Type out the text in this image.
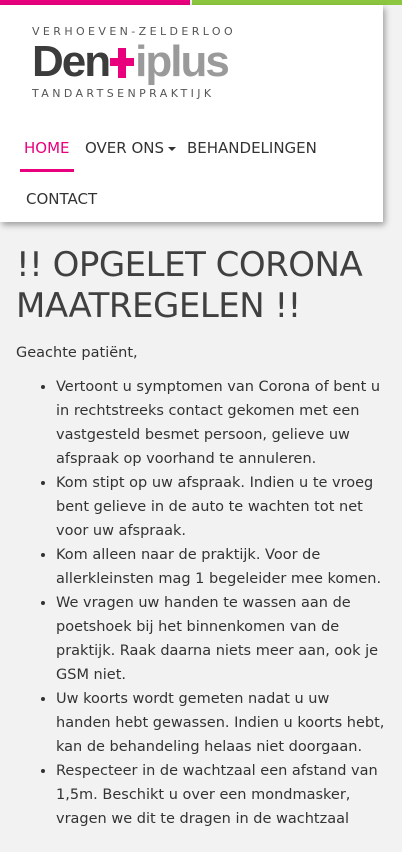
VERHOEVEN-ZELDERLOO
Den iplus
TANDARTSENPRAKTIJK
HOME OVER ONS	BEHANDELINGEN
CONTACT
!! OPGELET CORONA MAATREGELEN !!

Geachte patiënt,

• Vertoont u symptomen van Corona of bent u in rechtstreeks contact gekomen met een vastgesteld besmet persoon, gelieve uw afspraak op voorhand te annuleren.
• Kom stipt op uw afspraak. Indien u te vroeg bent gelieve in de auto te wachten tot net voor uw afspraak.
• Kom alleen naar de praktijk. Voor de allerkleinsten mag 1 begeleider mee komen.
• We vragen uw handen te wassen aan de poetshoek bij het binnenkomen van de praktijk. Raak daarna niets meer aan, ook je GSM niet.
• Uw koorts wordt gemeten nadat u uw handen hebt gewassen. Indien u koorts hebt, kan de behandeling helaas niet doorgaan.
• Respecteer in de wachtzaal een afstand van 1,5m. Beschikt u over een mondmasker, vragen we dit te dragen in de wachtzaal
